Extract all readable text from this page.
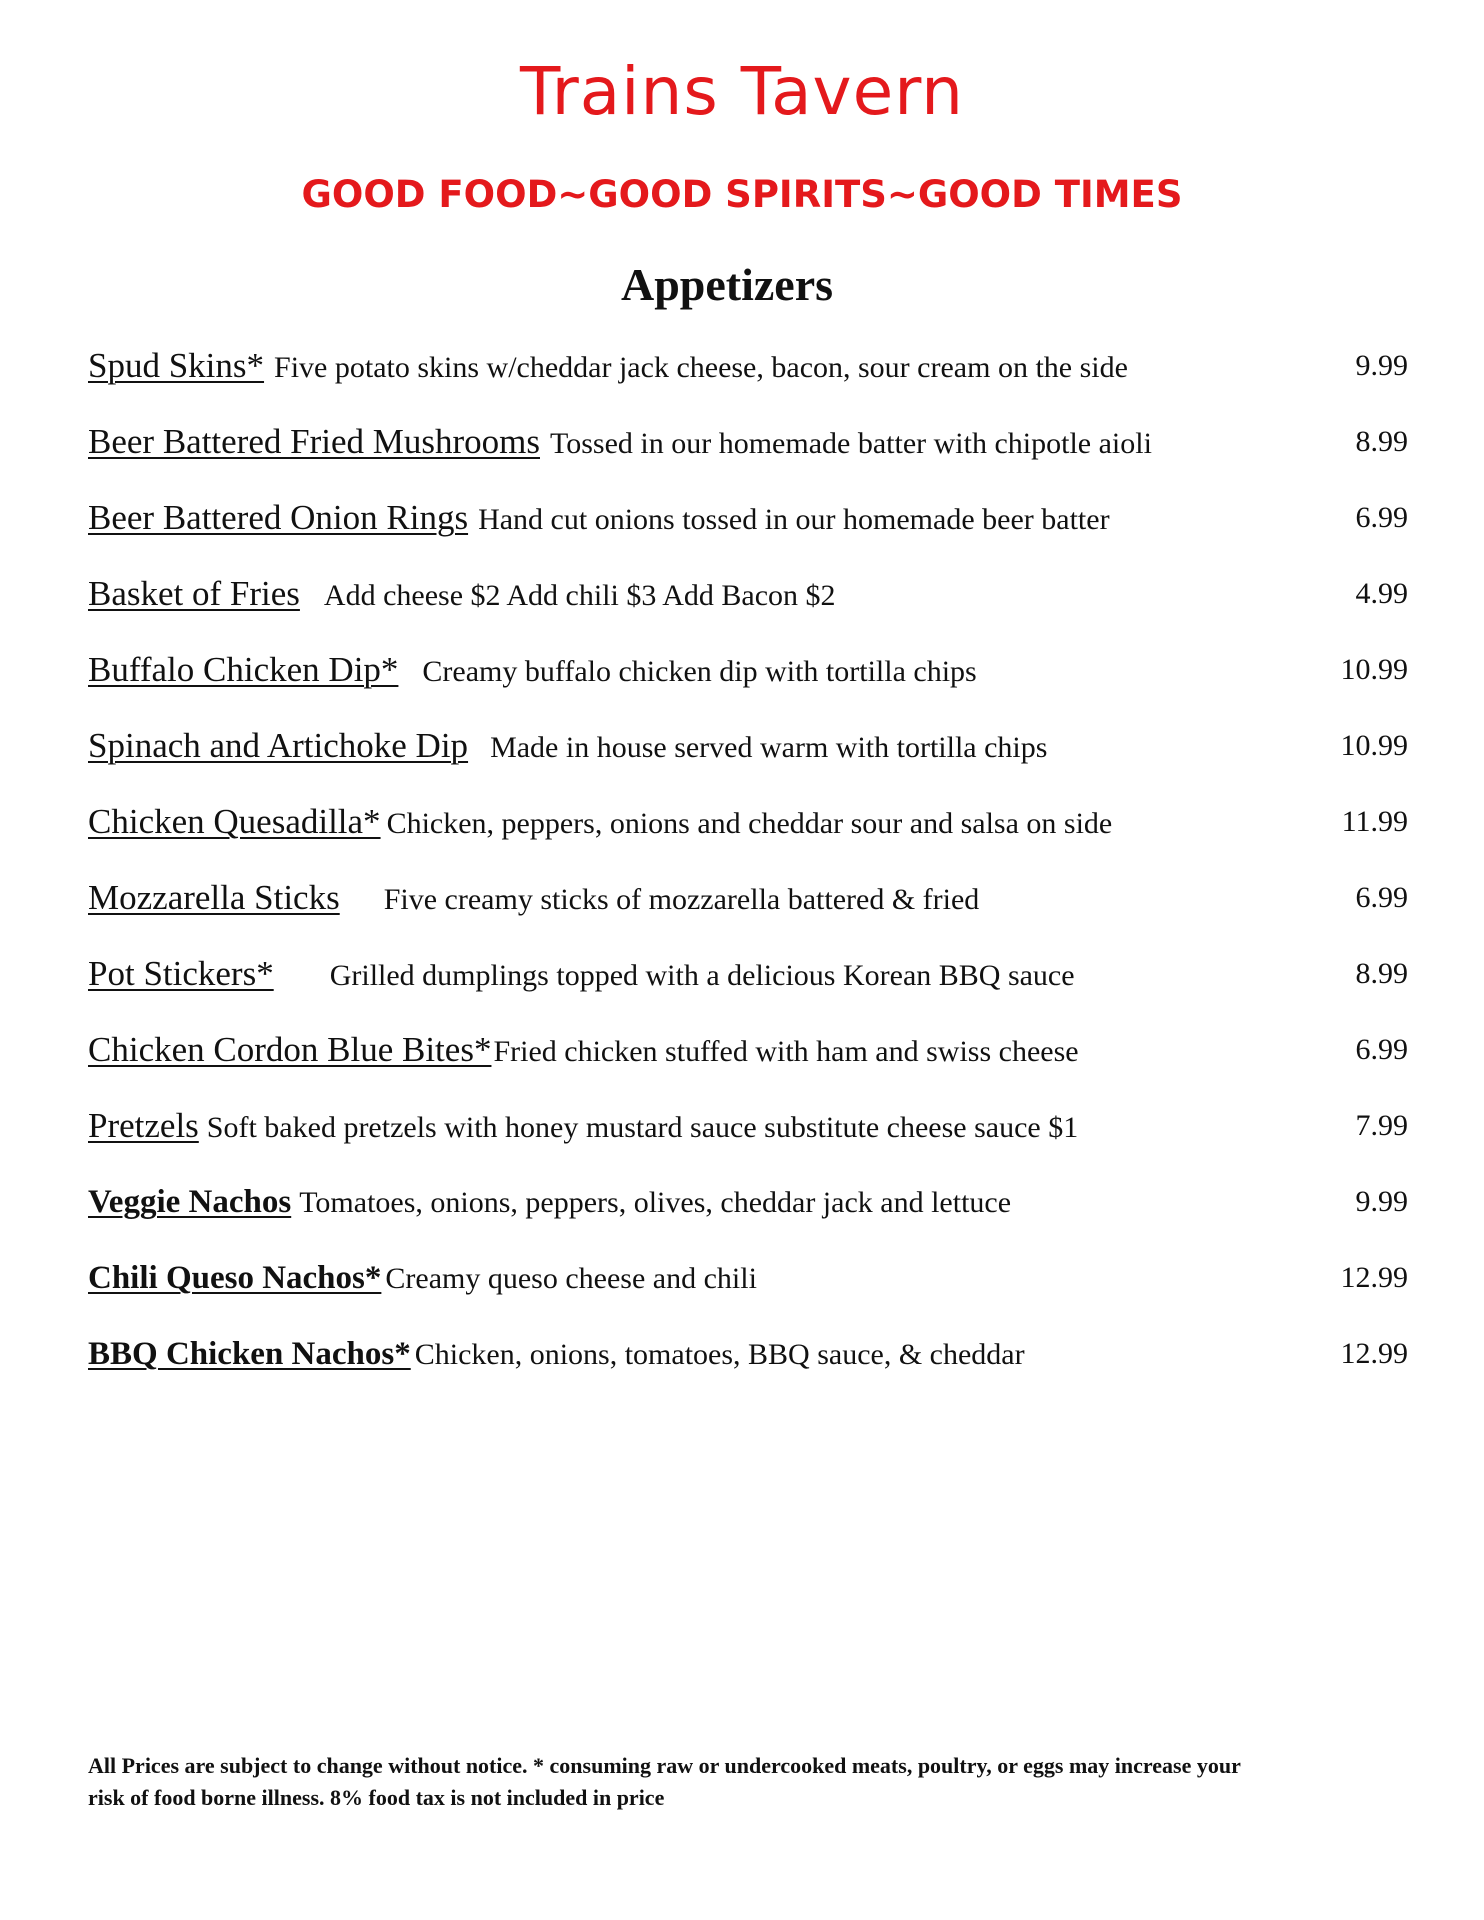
Trains Tavern
GOOD FOOD~GOOD SPIRITS~GOOD TIMES
Appetizers
Spud Skins* Five potato skins w/cheddar jack cheese, bacon, sour cream on the side	9.99
Beer Battered Fried Mushrooms Tossed in our homemade batter with chipotle aioli	8.99
Beer Battered Onion Rings Hand cut onions tossed in our homemade beer batter	6.99
Basket of Fries Add cheese $2 Add chili $3 Add Bacon $2	4.99
Buffalo Chicken Dip* Creamy buffalo chicken dip with tortilla chips	10.99
Spinach and Artichoke Dip Made in house served warm with tortilla chips	10.99
Chicken Quesadilla* Chicken, peppers, onions and cheddar sour and salsa on side	11.99
Mozzarella Sticks Five creamy sticks of mozzarella battered & fried	6.99
Pot Stickers* Grilled dumplings topped with a delicious Korean BBQ sauce	8.99
Chicken Cordon Blue Bites*Fried chicken stuffed with ham and swiss cheese	6.99
Pretzels Soft baked pretzels with honey mustard sauce substitute cheese sauce $1	7.99
Veggie Nachos Tomatoes, onions, peppers, olives, cheddar jack and lettuce	9.99
Chili Queso Nachos* Creamy queso cheese and chili	12.99
BBQ Chicken Nachos* Chicken, onions, tomatoes, BBQ sauce, & cheddar	12.99
All Prices are subject to change without notice. * consuming raw or undercooked meats, poultry, or eggs may increase your
risk of food borne illness. 8% food tax is not included in price
